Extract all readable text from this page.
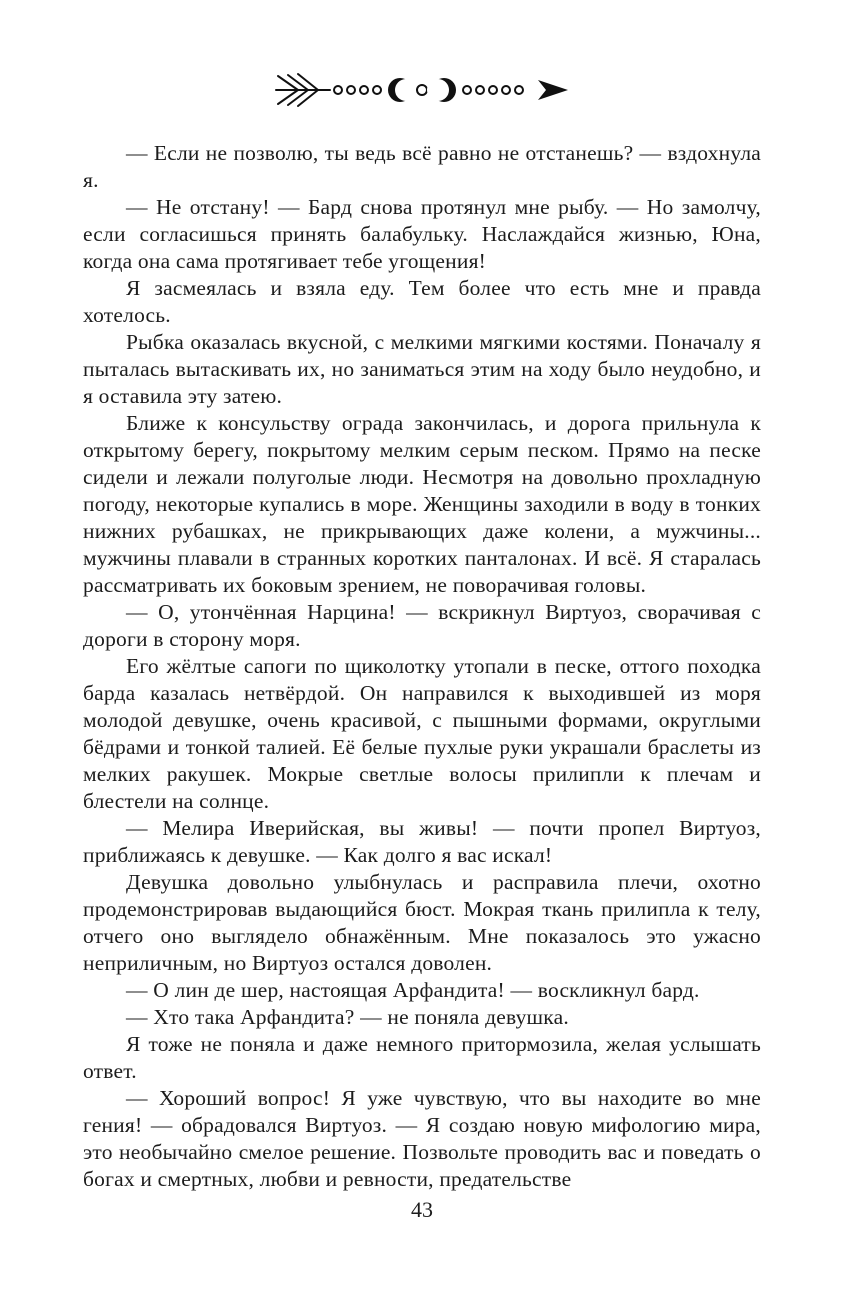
— Если не позволю, ты ведь всё равно не отстанешь? — вздохнула я.

— Не отстану! — Бард снова протянул мне рыбу. — Но замолчу, если согласишься принять балабульку. Наслаждайся жизнью, Юна, когда она сама протягивает тебе угощения!

Я засмеялась и взяла еду. Тем более что есть мне и правда хотелось.

Рыбка оказалась вкусной, с мелкими мягкими костями. Поначалу я пыталась вытаскивать их, но заниматься этим на ходу было неудобно, и я оставила эту затею.

Ближе к консульству ограда закончилась, и дорога прильнула к открытому берегу, покрытому мелким серым песком. Прямо на песке сидели и лежали полуголые люди. Несмотря на довольно прохладную погоду, некоторые купались в море. Женщины заходили в воду в тонких нижних рубашках, не прикрывающих даже колени, а мужчины... мужчины плавали в странных коротких панталонах. И всё. Я старалась рассматривать их боковым зрением, не поворачивая головы.

— О, утончённая Нарцина! — вскрикнул Виртуоз, сворачивая с дороги в сторону моря.

Его жёлтые сапоги по щиколотку утопали в песке, оттого походка барда казалась нетвёрдой. Он направился к выходившей из моря молодой девушке, очень красивой, с пышными формами, округлыми бёдрами и тонкой талией. Её белые пухлые руки украшали браслеты из мелких ракушек. Мокрые светлые волосы прилипли к плечам и блестели на солнце.

— Мелира Иверийская, вы живы! — почти пропел Виртуоз, приближаясь к девушке. — Как долго я вас искал!

Девушка довольно улыбнулась и расправила плечи, охотно продемонстрировав выдающийся бюст. Мокрая ткань прилипла к телу, отчего оно выглядело обнажённым. Мне показалось это ужасно неприличным, но Виртуоз остался доволен.

— О лин де шер, настоящая Арфандита! — воскликнул бард.

— Хто така Арфандита? — не поняла девушка.

Я тоже не поняла и даже немного притормозила, желая услышать ответ.

— Хороший вопрос! Я уже чувствую, что вы находите во мне гения! — обрадовался Виртуоз. — Я создаю новую мифологию мира, это необычайно смелое решение. Позвольте проводить вас и поведать о богах и смертных, любви и ревности, предательстве

43
